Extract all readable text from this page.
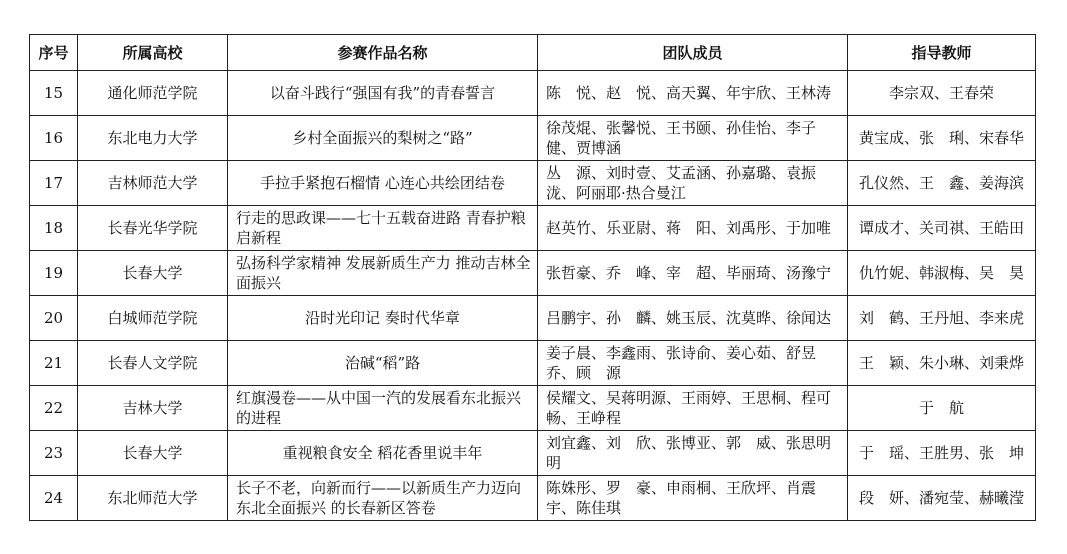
序号	所属高校	参赛作品名称	团队成员	指导教师
15	通化师范学院	以奋斗践行“强国有我”的青春誓言	陈　悦、赵　悦、高天翼、年宇欣、王林涛	李宗双、王春荣
16	东北电力大学	乡村全面振兴的梨树之“路”	徐茂焜、张馨悦、王书颐、孙佳怡、李子健、贾博涵	黄宝成、张　琍、宋春华
17	吉林师范大学	手拉手紧抱石榴情 心连心共绘团结卷	丛　源、刘时壹、艾孟涵、孙嘉璐、袁振泷、阿丽耶·热合曼江	孔仪然、王　鑫、姜海滨
18	长春光华学院	行走的思政课——七十五载奋进路 青春护粮启新程	赵英竹、乐亚尉、蒋　阳、刘禹彤、于加唯	谭成才、关司祺、王皓田
19	长春大学	弘扬科学家精神 发展新质生产力 推动吉林全面振兴	张哲豪、乔　峰、宰　超、毕丽琦、汤豫宁	仇竹妮、韩淑梅、吴　昊
20	白城师范学院	沿时光印记 奏时代华章	吕鹏宇、孙　麟、姚玉辰、沈莫晔、徐闻达	刘　鹤、王丹旭、李来虎
21	长春人文学院	治碱“稻”路	姜子晨、李鑫雨、张诗俞、姜心茹、舒昱乔、顾　源	王　颖、朱小琳、刘秉烨
22	吉林大学	红旗漫卷——从中国一汽的发展看东北振兴的进程	侯耀文、吴蒋明源、王雨婷、王思桐、程可畅、王峥程	于　航
23	长春大学	重视粮食安全 稻花香里说丰年	刘宜鑫、刘　欣、张博亚、郭　威、张思明明	于　瑶、王胜男、张　坤
24	东北师范大学	长子不老，向新而行——以新质生产力迈向东北全面振兴 的长春新区答卷	陈姝彤、罗　豪、申雨桐、王欣坪、肖震宇、陈佳琪	段　妍、潘宛莹、赫曦滢
